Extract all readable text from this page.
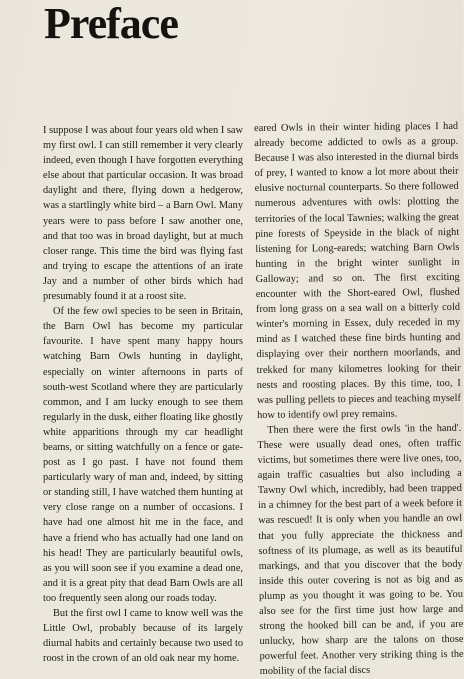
Preface

I suppose I was about four years old when I saw my first owl. I can still remember it very clearly indeed, even though I have forgotten everything else about that particular occasion. It was broad daylight and there, flying down a hedgerow, was a startlingly white bird – a Barn Owl. Many years were to pass before I saw another one, and that too was in broad daylight, but at much closer range. This time the bird was flying fast and trying to escape the attentions of an irate Jay and a number of other birds which had presumably found it at a roost site.

Of the few owl species to be seen in Britain, the Barn Owl has become my particular favourite. I have spent many happy hours watching Barn Owls hunting in daylight, especially on winter afternoons in parts of south-west Scotland where they are particularly common, and I am lucky enough to see them regularly in the dusk, either floating like ghostly white apparitions through my car headlight beams, or sitting watchfully on a fence or gate-post as I go past. I have not found them particularly wary of man and, indeed, by sitting or standing still, I have watched them hunting at very close range on a number of occasions. I have had one almost hit me in the face, and have a friend who has actually had one land on his head! They are particularly beautiful owls, as you will soon see if you examine a dead one, and it is a great pity that dead Barn Owls are all too frequently seen along our roads today.

But the first owl I came to know well was the Little Owl, probably because of its largely diurnal habits and certainly because two used to roost in the crown of an old oak near my home.

eared Owls in their winter hiding places I had already become addicted to owls as a group. Because I was also interested in the diurnal birds of prey, I wanted to know a lot more about their elusive nocturnal counterparts. So there followed numerous adventures with owls: plotting the territories of the local Tawnies; walking the great pine forests of Speyside in the black of night listening for Long-eareds; watching Barn Owls hunting in the bright winter sunlight in Galloway; and so on. The first exciting encounter with the Short-eared Owl, flushed from long grass on a sea wall on a bitterly cold winter's morning in Essex, duly receded in my mind as I watched these fine birds hunting and displaying over their northern moorlands, and trekked for many kilometres looking for their nests and roosting places. By this time, too, I was pulling pellets to pieces and teaching myself how to identify owl prey remains.

Then there were the first owls 'in the hand'. These were usually dead ones, often traffic victims, but sometimes there were live ones, too, again traffic casualties but also including a Tawny Owl which, incredibly, had been trapped in a chimney for the best part of a week before it was rescued! It is only when you handle an owl that you fully appreciate the thickness and softness of its plumage, as well as its beautiful markings, and that you discover that the body inside this outer covering is not as big and as plump as you thought it was going to be. You also see for the first time just how large and strong the hooked bill can be and, if you are unlucky, how sharp are the talons on those powerful feet. Another very striking thing is the mobility of the facial discs
